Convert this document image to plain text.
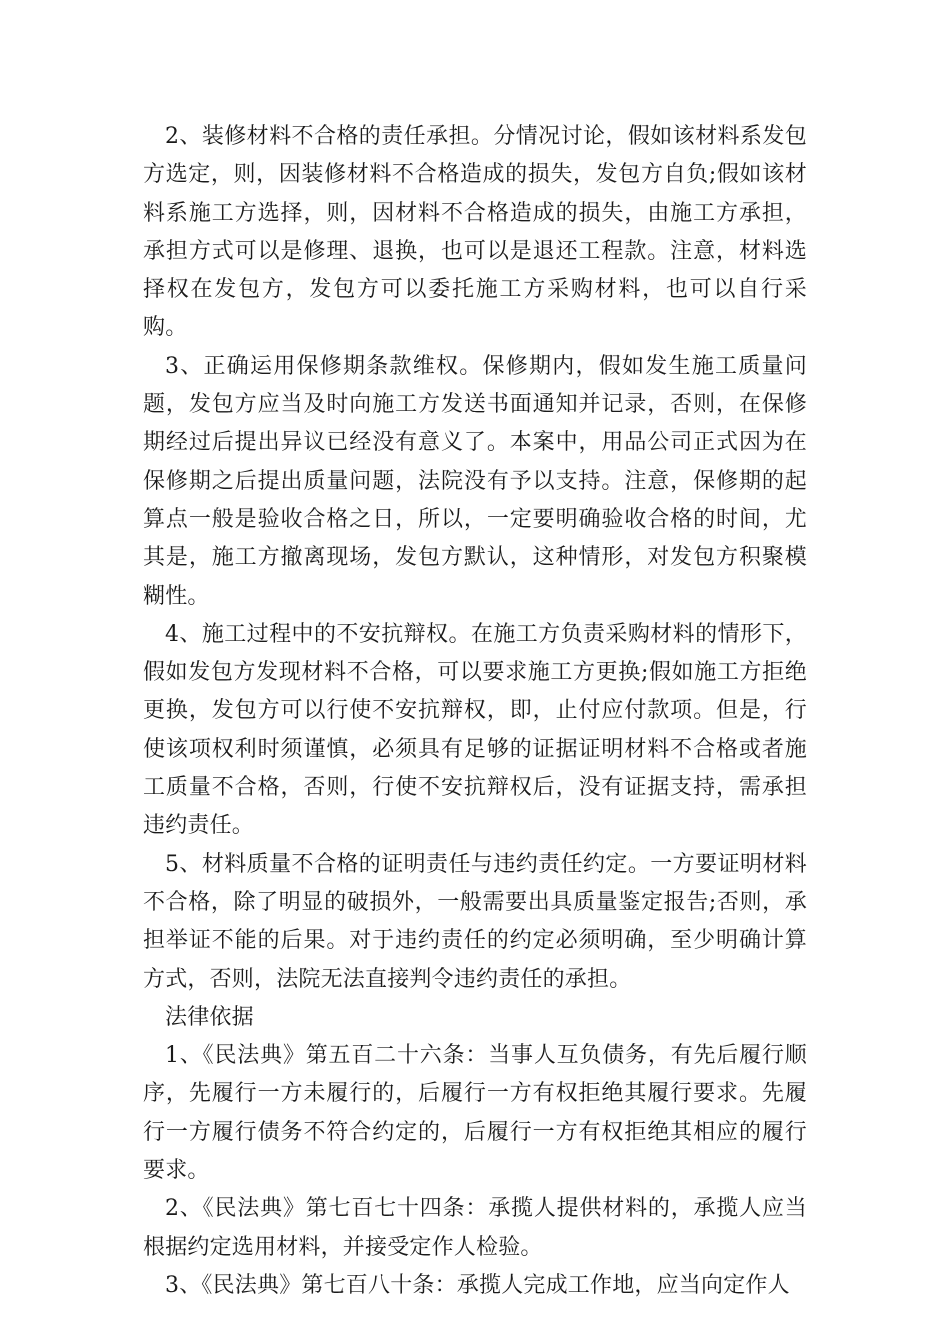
2、装修材料不合格的责任承担。分情况讨论，假如该材料系发包方选定，则，因装修材料不合格造成的损失，发包方自负;假如该材料系施工方选择，则，因材料不合格造成的损失，由施工方承担，承担方式可以是修理、退换，也可以是退还工程款。注意，材料选择权在发包方，发包方可以委托施工方采购材料，也可以自行采购。

3、正确运用保修期条款维权。保修期内，假如发生施工质量问题，发包方应当及时向施工方发送书面通知并记录，否则，在保修期经过后提出异议已经没有意义了。本案中，用品公司正式因为在保修期之后提出质量问题，法院没有予以支持。注意，保修期的起算点一般是验收合格之日，所以，一定要明确验收合格的时间，尤其是，施工方撤离现场，发包方默认，这种情形，对发包方积聚模糊性。

4、施工过程中的不安抗辩权。在施工方负责采购材料的情形下，假如发包方发现材料不合格，可以要求施工方更换;假如施工方拒绝更换，发包方可以行使不安抗辩权，即，止付应付款项。但是，行使该项权利时须谨慎，必须具有足够的证据证明材料不合格或者施工质量不合格，否则，行使不安抗辩权后，没有证据支持，需承担违约责任。

5、材料质量不合格的证明责任与违约责任约定。一方要证明材料不合格，除了明显的破损外，一般需要出具质量鉴定报告;否则，承担举证不能的后果。对于违约责任的约定必须明确，至少明确计算方式，否则，法院无法直接判令违约责任的承担。

法律依据

1、《民法典》第五百二十六条：当事人互负债务，有先后履行顺序，先履行一方未履行的，后履行一方有权拒绝其履行要求。先履行一方履行债务不符合约定的，后履行一方有权拒绝其相应的履行要求。

2、《民法典》第七百七十四条：承揽人提供材料的，承揽人应当根据约定选用材料，并接受定作人检验。

3、《民法典》第七百八十条：承揽人完成工作地，应当向定作人
